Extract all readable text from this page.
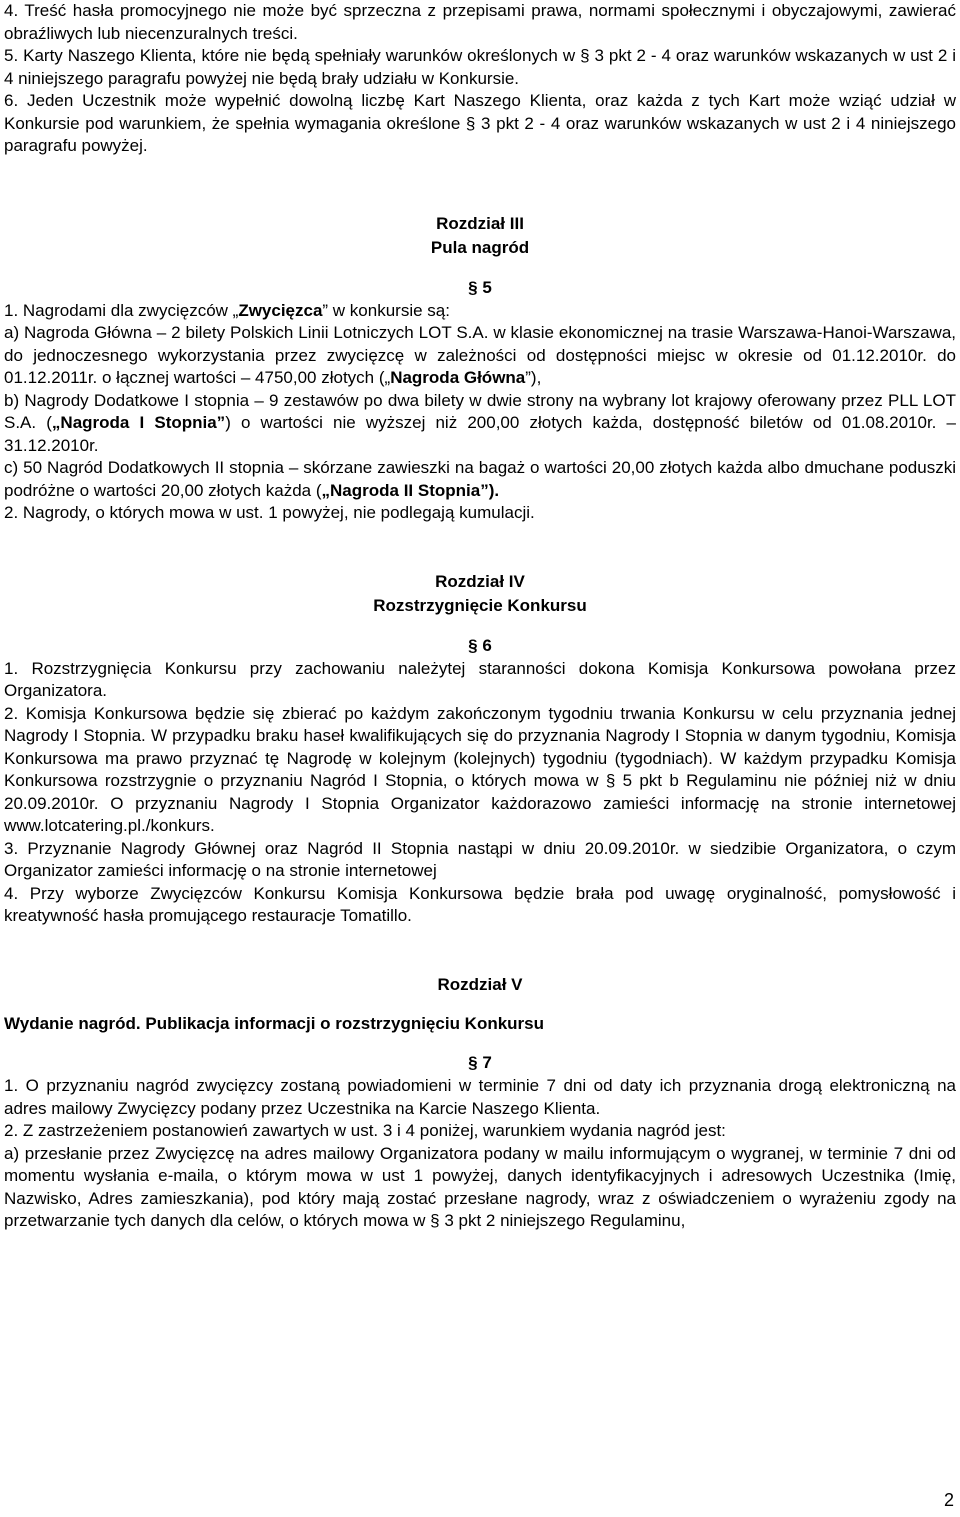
4. Treść hasła promocyjnego nie może być sprzeczna z przepisami prawa, normami społecznymi i obyczajowymi, zawierać obraźliwych lub niecenzuralnych treści.

5. Karty Naszego Klienta, które nie będą spełniały warunków określonych w § 3 pkt 2 - 4 oraz warunków wskazanych w ust 2 i 4 niniejszego paragrafu powyżej nie będą brały udziału w Konkursie.

6. Jeden Uczestnik może wypełnić dowolną liczbę Kart Naszego Klienta, oraz każda z tych Kart może wziąć udział w Konkursie pod warunkiem, że spełnia wymagania określone § 3 pkt 2 - 4 oraz warunków wskazanych w ust 2 i 4 niniejszego paragrafu powyżej.

Rozdział III

Pula nagród

§ 5

1. Nagrodami dla zwycięzców „Zwycięzca” w konkursie są:

a) Nagroda Główna – 2 bilety Polskich Linii Lotniczych LOT S.A. w klasie ekonomicznej na trasie Warszawa-Hanoi-Warszawa, do jednoczesnego wykorzystania przez zwycięzcę w zależności od dostępności miejsc w okresie od 01.12.2010r. do 01.12.2011r. o łącznej wartości – 4750,00 złotych („Nagroda Główna”),

b) Nagrody Dodatkowe I stopnia – 9 zestawów po dwa bilety w dwie strony na wybrany lot krajowy oferowany przez PLL LOT S.A. („Nagroda I Stopnia”) o wartości nie wyższej niż 200,00 złotych każda, dostępność biletów od 01.08.2010r. – 31.12.2010r.

c) 50 Nagród Dodatkowych II stopnia – skórzane zawieszki na bagaż o wartości 20,00 złotych każda albo dmuchane poduszki podróżne o wartości 20,00 złotych każda („Nagroda II Stopnia”).

2. Nagrody, o których mowa w ust. 1 powyżej, nie podlegają kumulacji.

Rozdział IV

Rozstrzygnięcie Konkursu

§ 6

1. Rozstrzygnięcia Konkursu przy zachowaniu należytej staranności dokona Komisja Konkursowa powołana przez Organizatora.

2. Komisja Konkursowa będzie się zbierać po każdym zakończonym tygodniu trwania Konkursu w celu przyznania jednej Nagrody I Stopnia. W przypadku braku haseł kwalifikujących się do przyznania Nagrody I Stopnia w danym tygodniu, Komisja Konkursowa ma prawo przyznać tę Nagrodę w kolejnym (kolejnych) tygodniu (tygodniach). W każdym przypadku Komisja Konkursowa rozstrzygnie o przyznaniu Nagród I Stopnia, o których mowa w § 5 pkt b Regulaminu nie później niż w dniu 20.09.2010r. O przyznaniu Nagrody I Stopnia Organizator każdorazowo zamieści informację na stronie internetowej www.lotcatering.pl./konkurs.

3. Przyznanie Nagrody Głównej oraz Nagród II Stopnia nastąpi w dniu 20.09.2010r. w siedzibie Organizatora, o czym Organizator zamieści informację o na stronie internetowej

4. Przy wyborze Zwycięzców Konkursu Komisja Konkursowa będzie brała pod uwagę oryginalność, pomysłowość i kreatywność hasła promującego restauracje Tomatillo.

Rozdział V

Wydanie nagród. Publikacja informacji o rozstrzygnięciu Konkursu

§ 7

1. O przyznaniu nagród zwycięzcy zostaną powiadomieni w terminie 7 dni od daty ich przyznania drogą elektroniczną na adres mailowy Zwycięzcy podany przez Uczestnika na Karcie Naszego Klienta.

2. Z zastrzeżeniem postanowień zawartych w ust. 3 i 4 poniżej, warunkiem wydania nagród jest:

a) przesłanie przez Zwycięzcę na adres mailowy Organizatora podany w mailu informującym o wygranej, w terminie 7 dni od momentu wysłania e-maila, o którym mowa w ust 1 powyżej, danych identyfikacyjnych i adresowych Uczestnika (Imię, Nazwisko, Adres zamieszkania), pod który mają zostać przesłane nagrody, wraz z oświadczeniem o wyrażeniu zgody na przetwarzanie tych danych dla celów, o których mowa w § 3 pkt 2 niniejszego Regulaminu,

2
